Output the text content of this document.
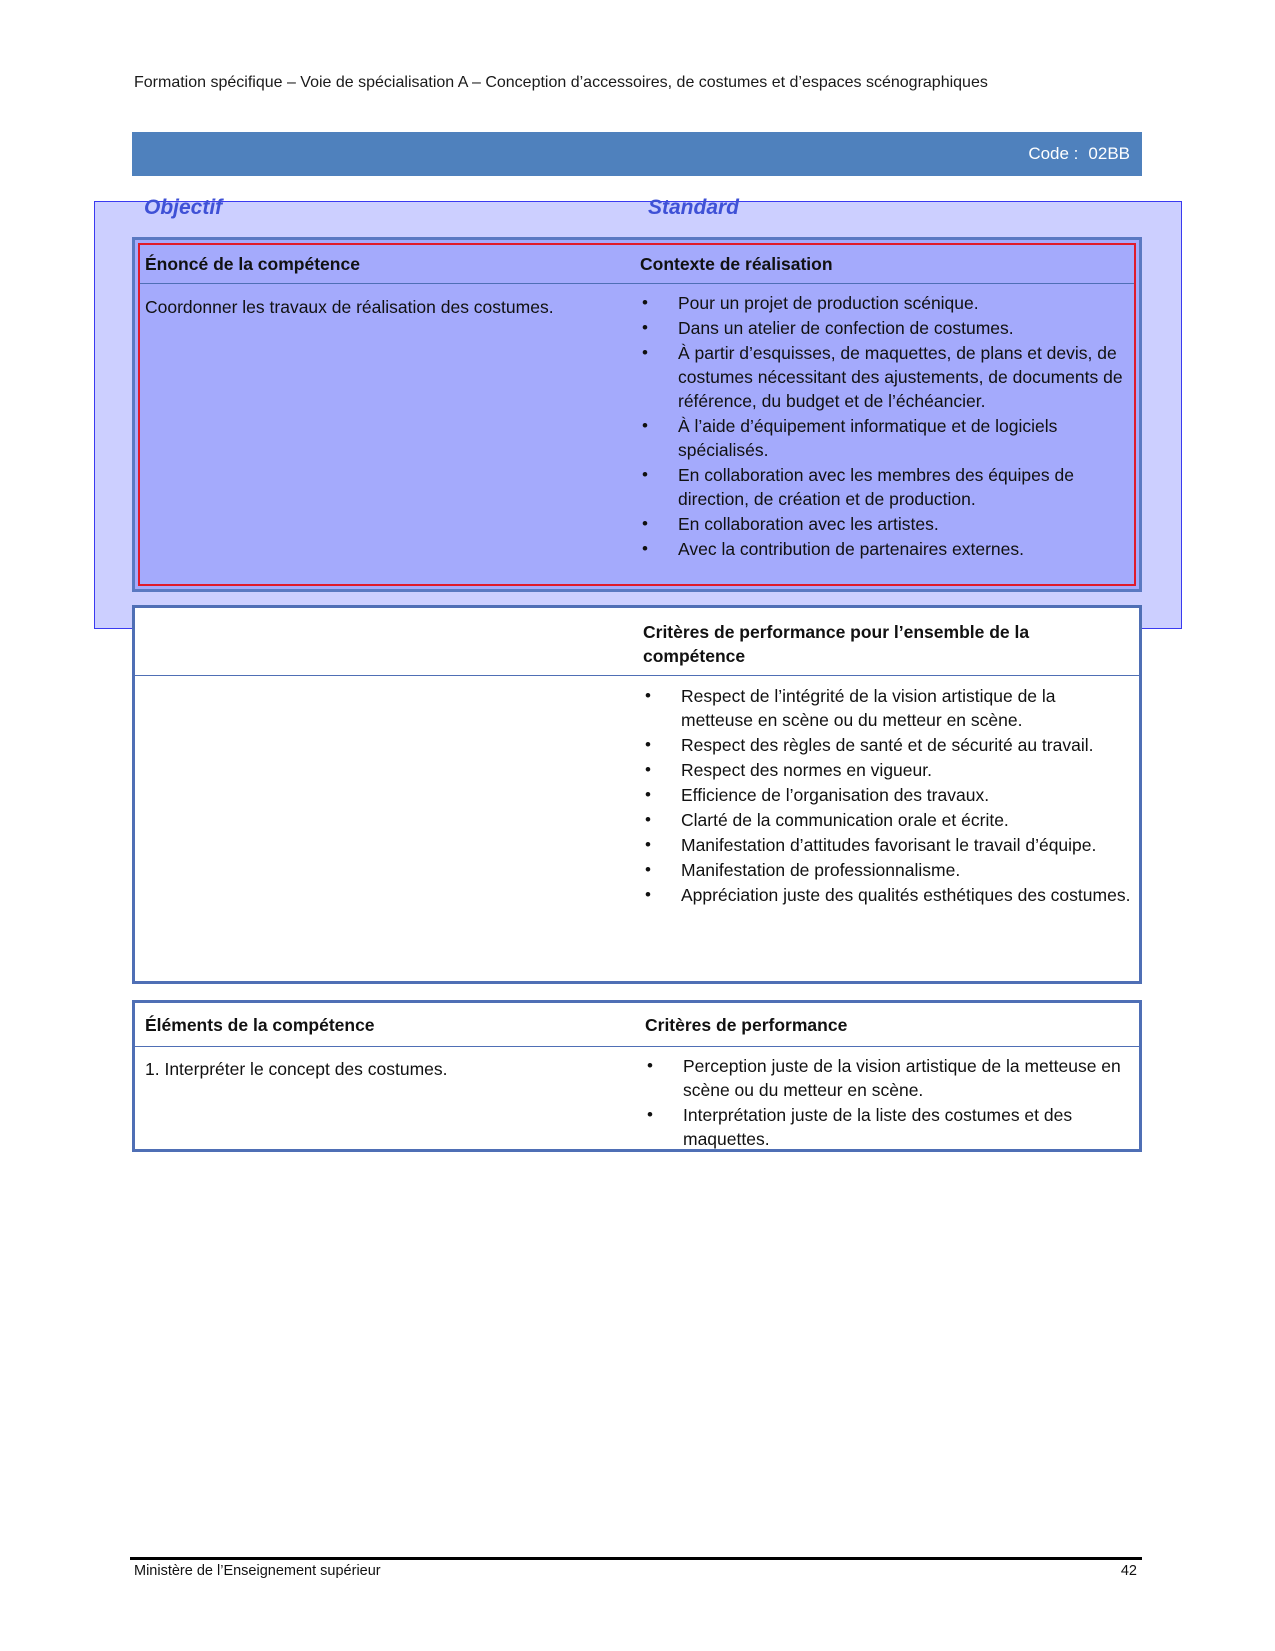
Formation spécifique – Voie de spécialisation A – Conception d’accessoires, de costumes et d’espaces scénographiques
Code : 02BB
Objectif	Standard
Énoncé de la compétence	Contexte de réalisation
Coordonner les travaux de réalisation des costumes.	• Pour un projet de production scénique.
• Dans un atelier de confection de costumes.
• À partir d’esquisses, de maquettes, de plans et devis, de costumes nécessitant des ajustements, de documents de référence, du budget et de l’échéancier.
• À l’aide d’équipement informatique et de logiciels spécialisés.
• En collaboration avec les membres des équipes de direction, de création et de production.
• En collaboration avec les artistes.
• Avec la contribution de partenaires externes.
Critères de performance pour l’ensemble de la compétence
• Respect de l’intégrité de la vision artistique de la metteuse en scène ou du metteur en scène.
• Respect des règles de santé et de sécurité au travail.
• Respect des normes en vigueur.
• Efficience de l’organisation des travaux.
• Clarté de la communication orale et écrite.
• Manifestation d’attitudes favorisant le travail d’équipe.
• Manifestation de professionnalisme.
• Appréciation juste des qualités esthétiques des costumes.
Éléments de la compétence	Critères de performance
1. Interpréter le concept des costumes.	• Perception juste de la vision artistique de la metteuse en scène ou du metteur en scène.
• Interprétation juste de la liste des costumes et des maquettes.
Ministère de l’Enseignement supérieur	42
